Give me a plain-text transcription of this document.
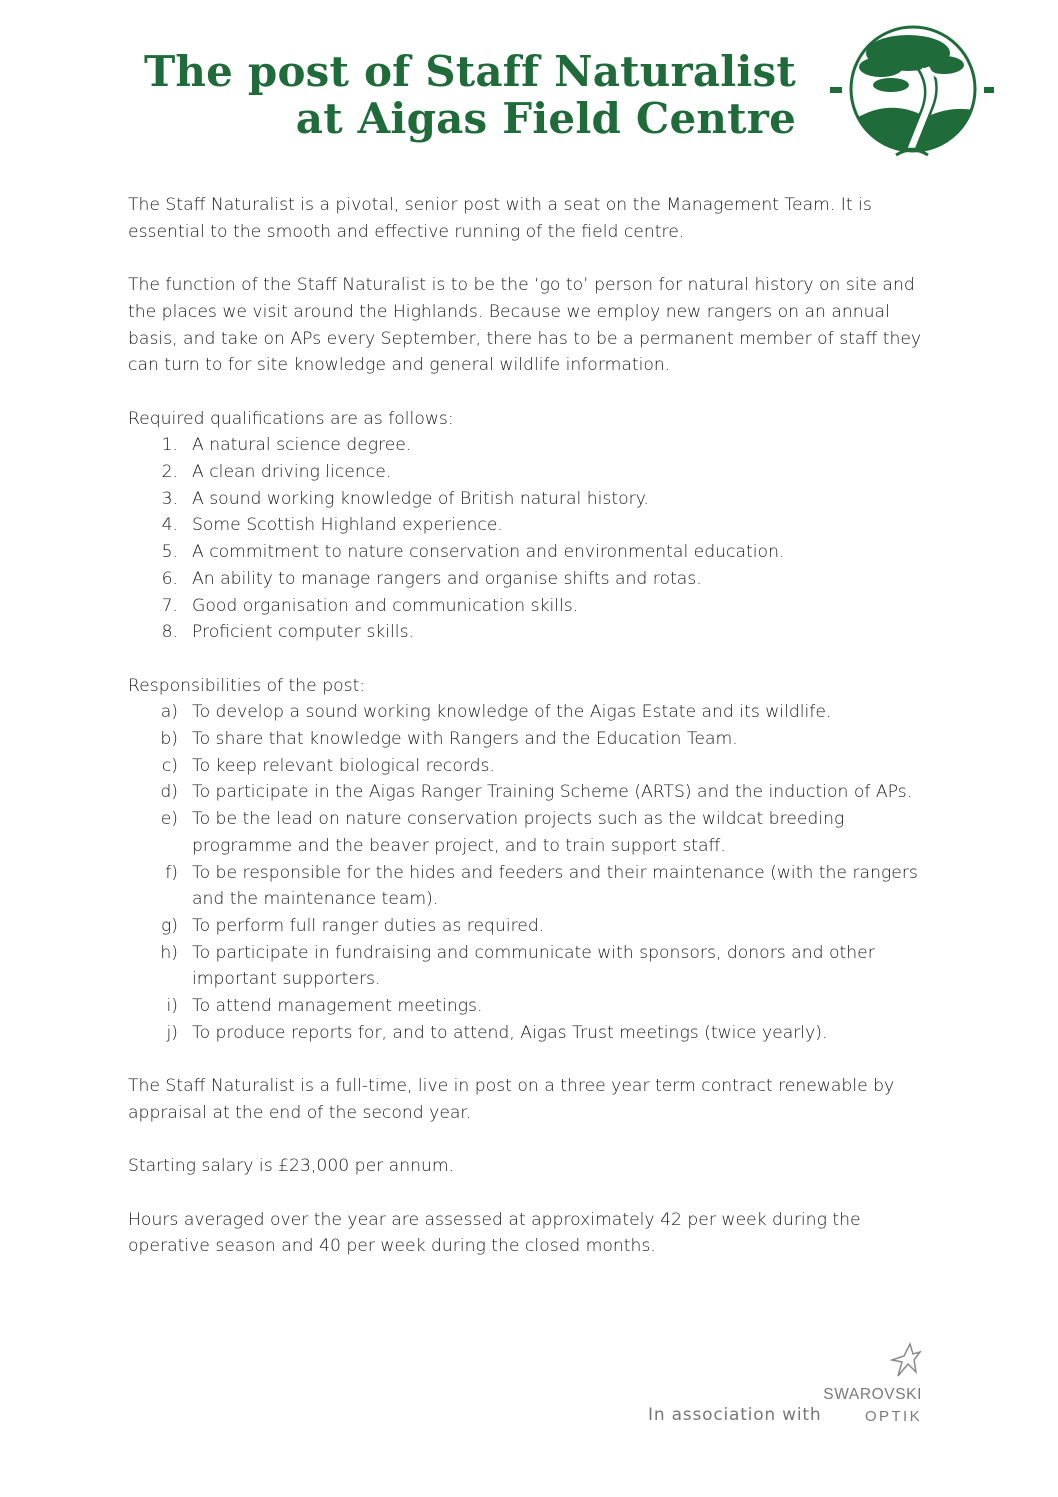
The post of Staff Naturalist
at Aigas Field Centre

The Staff Naturalist is a pivotal, senior post with a seat on the Management Team. It is essential to the smooth and effective running of the field centre.

The function of the Staff Naturalist is to be the ‘go to’ person for natural history on site and the places we visit around the Highlands. Because we employ new rangers on an annual basis, and take on APs every September, there has to be a permanent member of staff they can turn to for site knowledge and general wildlife information.

Required qualifications are as follows:
1. A natural science degree.
2. A clean driving licence.
3. A sound working knowledge of British natural history.
4. Some Scottish Highland experience.
5. A commitment to nature conservation and environmental education.
6. An ability to manage rangers and organise shifts and rotas.
7. Good organisation and communication skills.
8. Proficient computer skills.
Responsibilities of the post:
a) To develop a sound working knowledge of the Aigas Estate and its wildlife.
b) To share that knowledge with Rangers and the Education Team.
c) To keep relevant biological records.
d) To participate in the Aigas Ranger Training Scheme (ARTS) and the induction of APs.
e) To be the lead on nature conservation projects such as the wildcat breeding programme and the beaver project, and to train support staff.
f) To be responsible for the hides and feeders and their maintenance (with the rangers and the maintenance team).
g) To perform full ranger duties as required.
h) To participate in fundraising and communicate with sponsors, donors and other important supporters.
i) To attend management meetings.
j) To produce reports for, and to attend, Aigas Trust meetings (twice yearly).

The Staff Naturalist is a full-time, live in post on a three year term contract renewable by appraisal at the end of the second year.

Starting salary is £23,000 per annum.

Hours averaged over the year are assessed at approximately 42 per week during the operative season and 40 per week during the closed months.

In association with
SWAROVSKI
OPTIK
